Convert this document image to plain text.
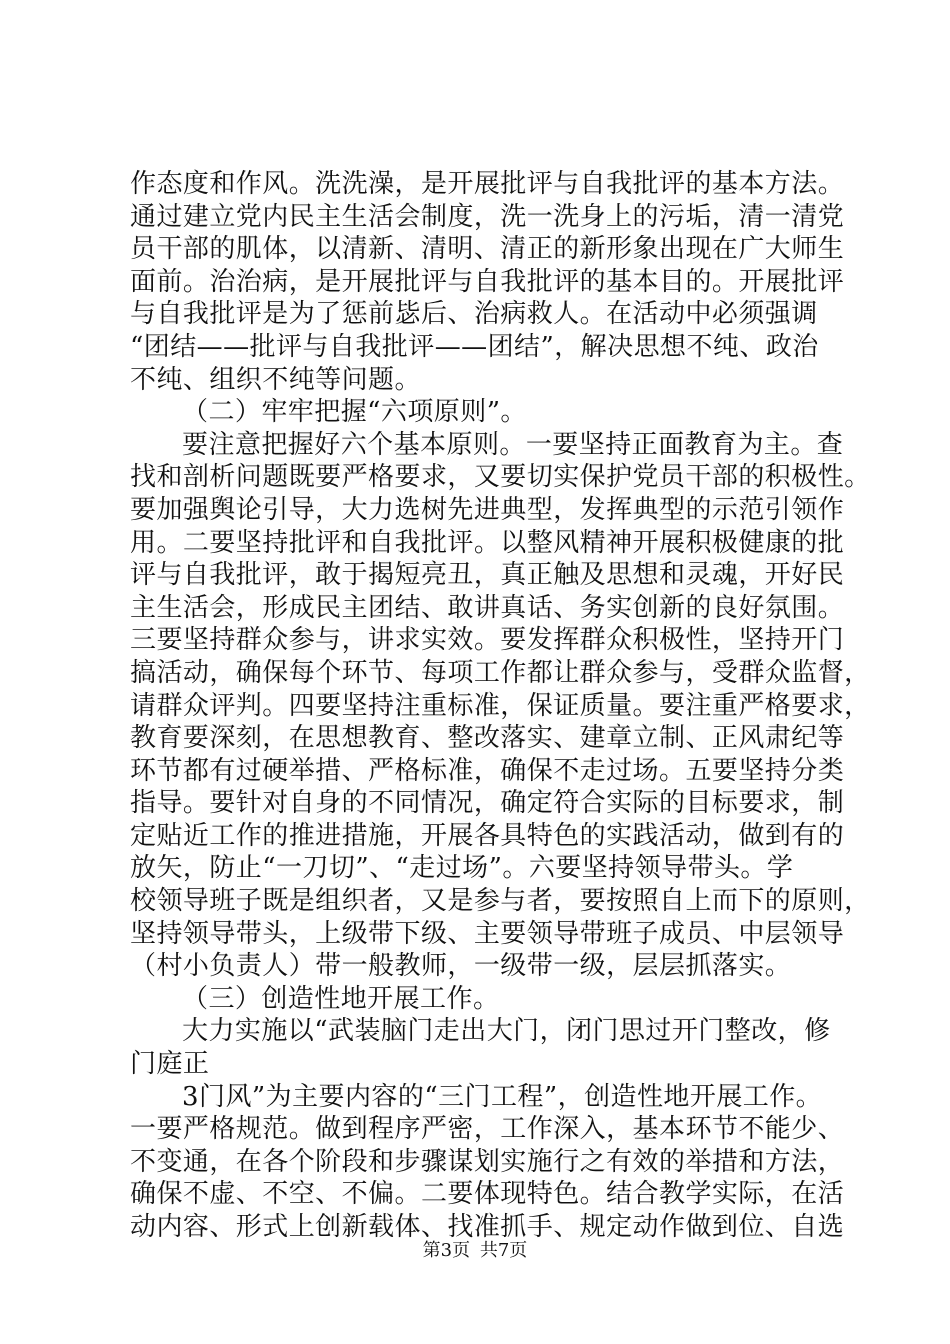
作态度和作风。洗洗澡，是开展批评与自我批评的基本方法。
通过建立党内民主生活会制度，洗一洗身上的污垢，清一清党
员干部的肌体，以清新、清明、清正的新形象出现在广大师生
面前。治治病，是开展批评与自我批评的基本目的。开展批评
与自我批评是为了惩前毖后、治病救人。在活动中必须强调
“团结——批评与自我批评——团结”，解决思想不纯、政治
不纯、组织不纯等问题。
（二）牢牢把握“六项原则”。
要注意把握好六个基本原则。一要坚持正面教育为主。查
找和剖析问题既要严格要求，又要切实保护党员干部的积极性。
要加强舆论引导，大力选树先进典型，发挥典型的示范引领作
用。二要坚持批评和自我批评。以整风精神开展积极健康的批
评与自我批评，敢于揭短亮丑，真正触及思想和灵魂，开好民
主生活会，形成民主团结、敢讲真话、务实创新的良好氛围。
三要坚持群众参与，讲求实效。要发挥群众积极性，坚持开门
搞活动，确保每个环节、每项工作都让群众参与，受群众监督，
请群众评判。四要坚持注重标准，保证质量。要注重严格要求，
教育要深刻，在思想教育、整改落实、建章立制、正风肃纪等
环节都有过硬举措、严格标准，确保不走过场。五要坚持分类
指导。要针对自身的不同情况，确定符合实际的目标要求，制
定贴近工作的推进措施，开展各具特色的实践活动，做到有的
放矢，防止“一刀切”、“走过场”。六要坚持领导带头。学
校领导班子既是组织者，又是参与者，要按照自上而下的原则，
坚持领导带头，上级带下级、主要领导带班子成员、中层领导
（村小负责人）带一般教师，一级带一级，层层抓落实。
（三）创造性地开展工作。
大力实施以“武装脑门走出大门，闭门思过开门整改，修
门庭正
3门风”为主要内容的“三门工程”，创造性地开展工作。
一要严格规范。做到程序严密，工作深入，基本环节不能少、
不变通，在各个阶段和步骤谋划实施行之有效的举措和方法，
确保不虚、不空、不偏。二要体现特色。结合教学实际，在活
动内容、形式上创新载体、找准抓手、规定动作做到位、自选
第3页 共7页
